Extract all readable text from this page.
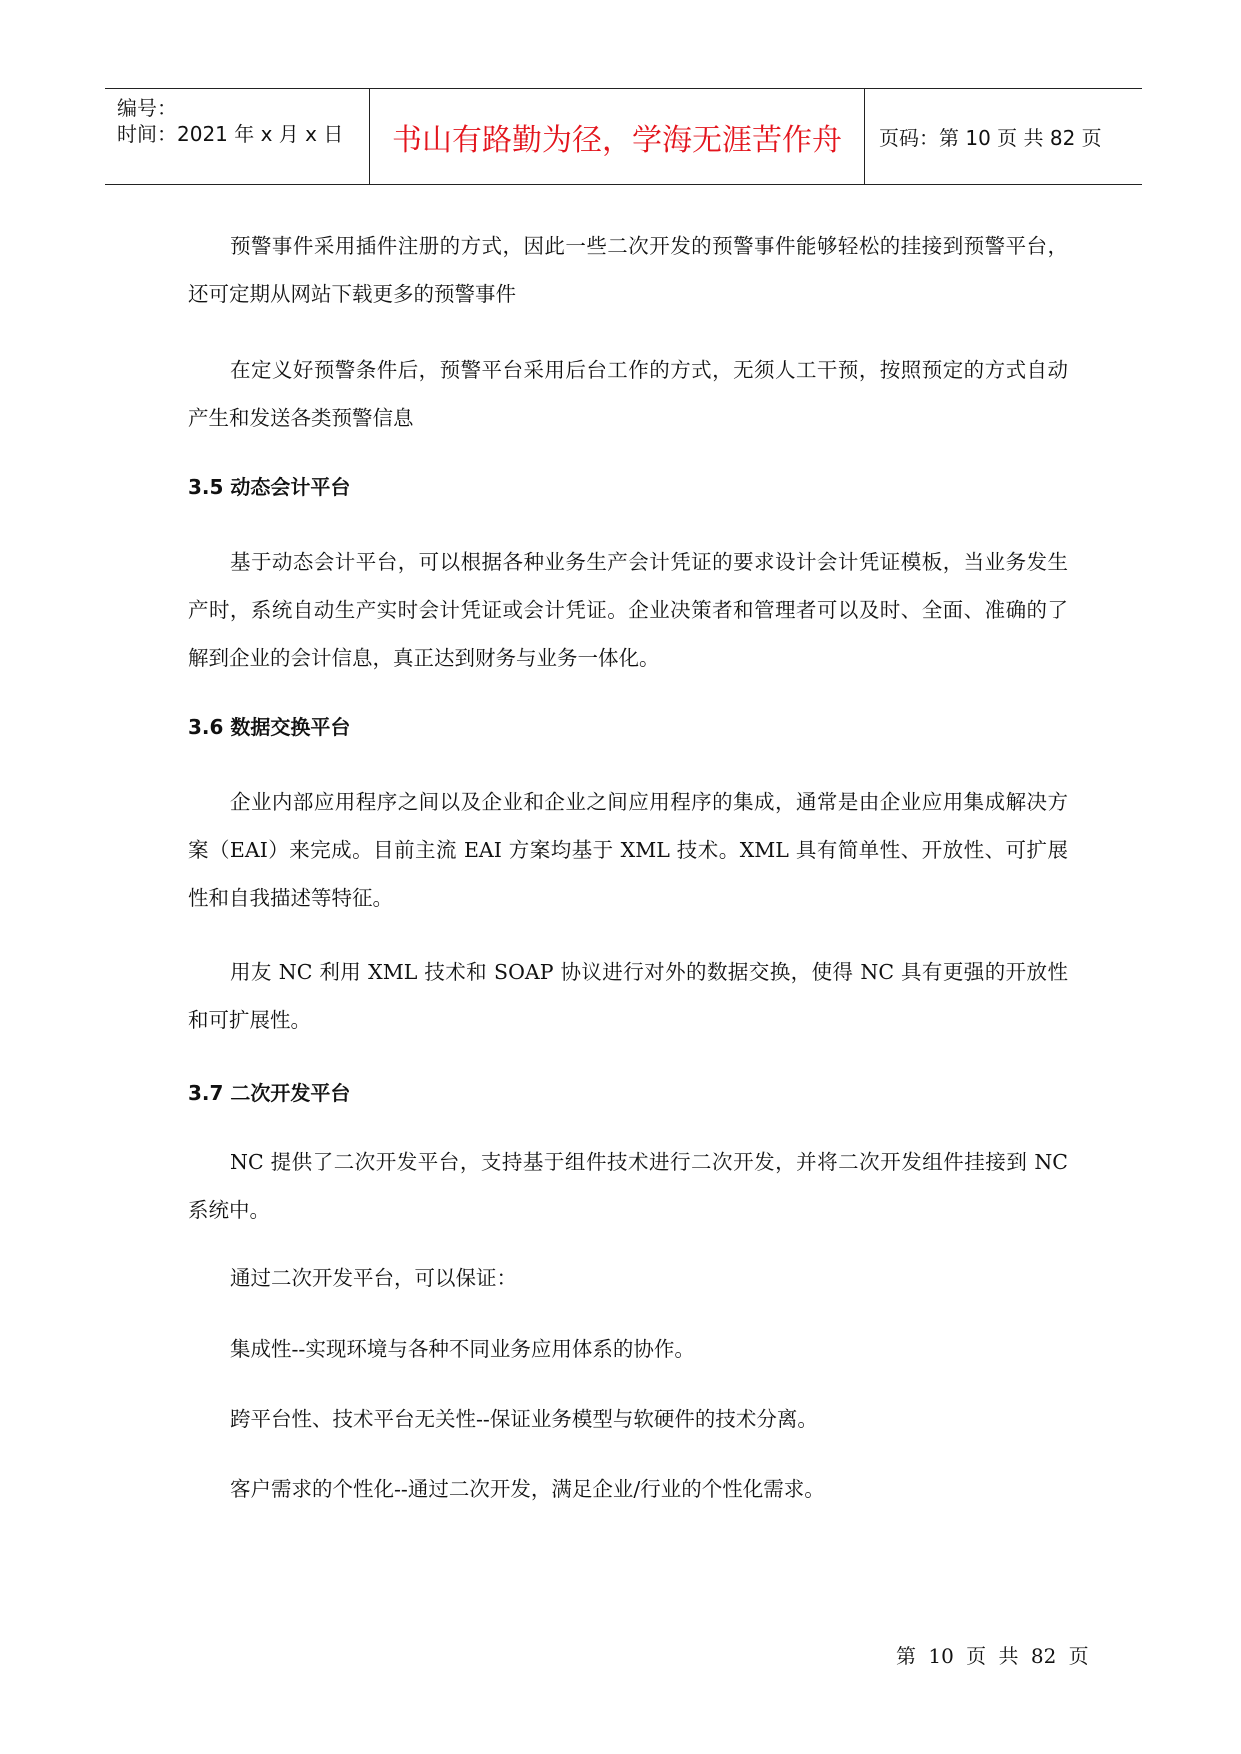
编号：
时间：2021 年 x 月 x 日 书山有路勤为径，学海无涯苦作舟 页码：第 10 页 共 82 页
预警事件采用插件注册的方式，因此一些二次开发的预警事件能够轻松的挂接到预警平台，还可定期从网站下载更多的预警事件
在定义好预警条件后，预警平台采用后台工作的方式，无须人工干预，按照预定的方式自动产生和发送各类预警信息
3.5 动态会计平台
基于动态会计平台，可以根据各种业务生产会计凭证的要求设计会计凭证模板，当业务发生产时，系统自动生产实时会计凭证或会计凭证。企业决策者和管理者可以及时、全面、准确的了解到企业的会计信息，真正达到财务与业务一体化。
3.6 数据交换平台
企业内部应用程序之间以及企业和企业之间应用程序的集成，通常是由企业应用集成解决方案（EAI）来完成。目前主流 EAI 方案均基于 XML 技术。XML 具有简单性、开放性、可扩展性和自我描述等特征。
用友 NC 利用 XML 技术和 SOAP 协议进行对外的数据交换，使得 NC 具有更强的开放性和可扩展性。
3.7 二次开发平台
NC 提供了二次开发平台，支持基于组件技术进行二次开发，并将二次开发组件挂接到 NC 系统中。
通过二次开发平台，可以保证：
集成性--实现环境与各种不同业务应用体系的协作。
跨平台性、技术平台无关性--保证业务模型与软硬件的技术分离。
客户需求的个性化--通过二次开发，满足企业/行业的个性化需求。
第 10 页 共 82 页
